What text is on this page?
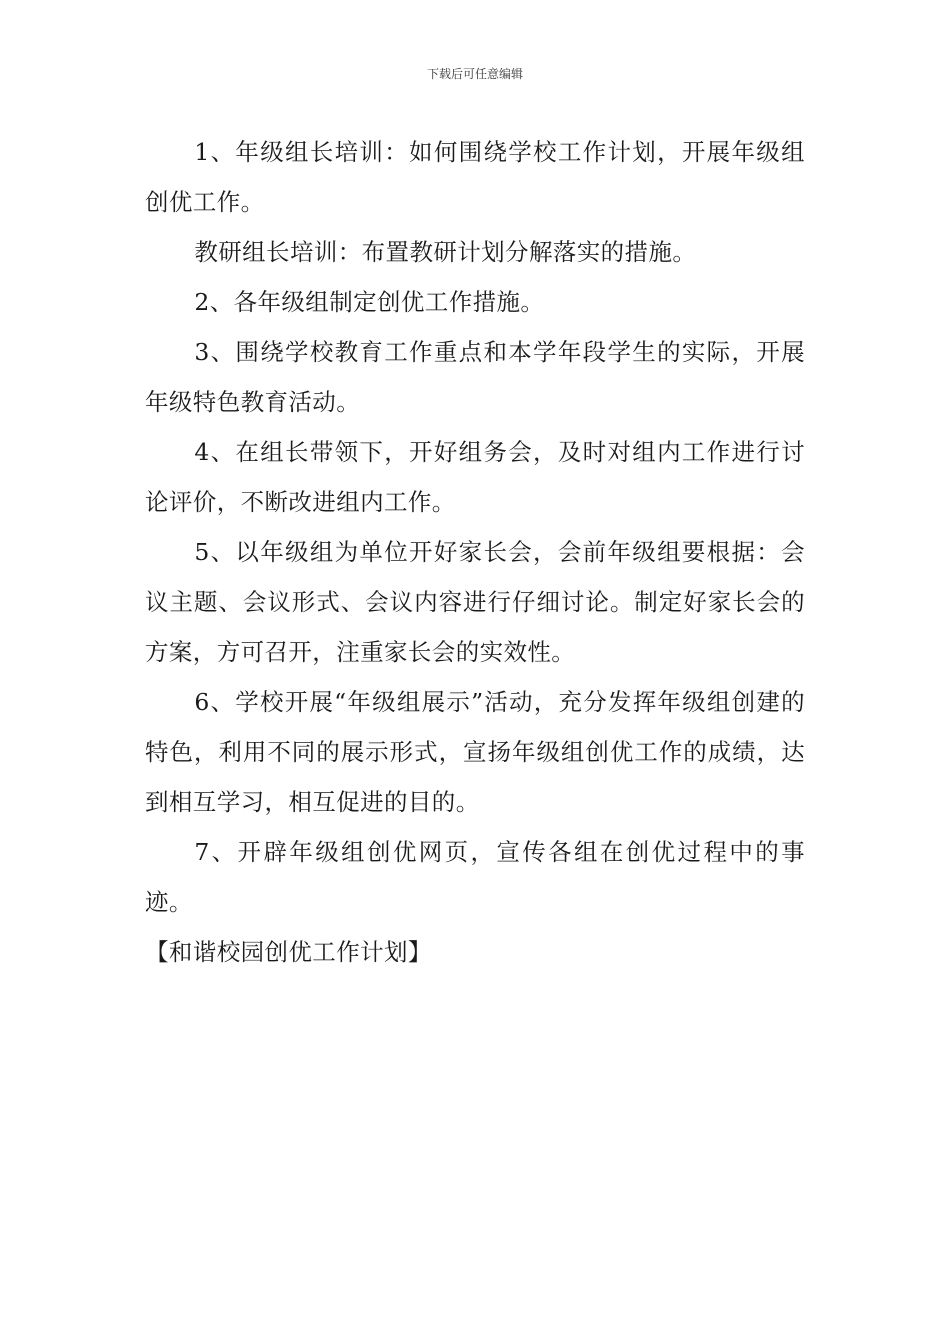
下载后可任意编辑

1、年级组长培训：如何围绕学校工作计划，开展年级组创优工作。

教研组长培训：布置教研计划分解落实的措施。

2、各年级组制定创优工作措施。

3、围绕学校教育工作重点和本学年段学生的实际，开展年级特色教育活动。

4、在组长带领下，开好组务会，及时对组内工作进行讨论评价，不断改进组内工作。

5、以年级组为单位开好家长会，会前年级组要根据：会议主题、会议形式、会议内容进行仔细讨论。制定好家长会的方案，方可召开，注重家长会的实效性。

6、学校开展“年级组展示”活动，充分发挥年级组创建的特色，利用不同的展示形式，宣扬年级组创优工作的成绩，达到相互学习，相互促进的目的。

7、开辟年级组创优网页，宣传各组在创优过程中的事迹。

【和谐校园创优工作计划】
